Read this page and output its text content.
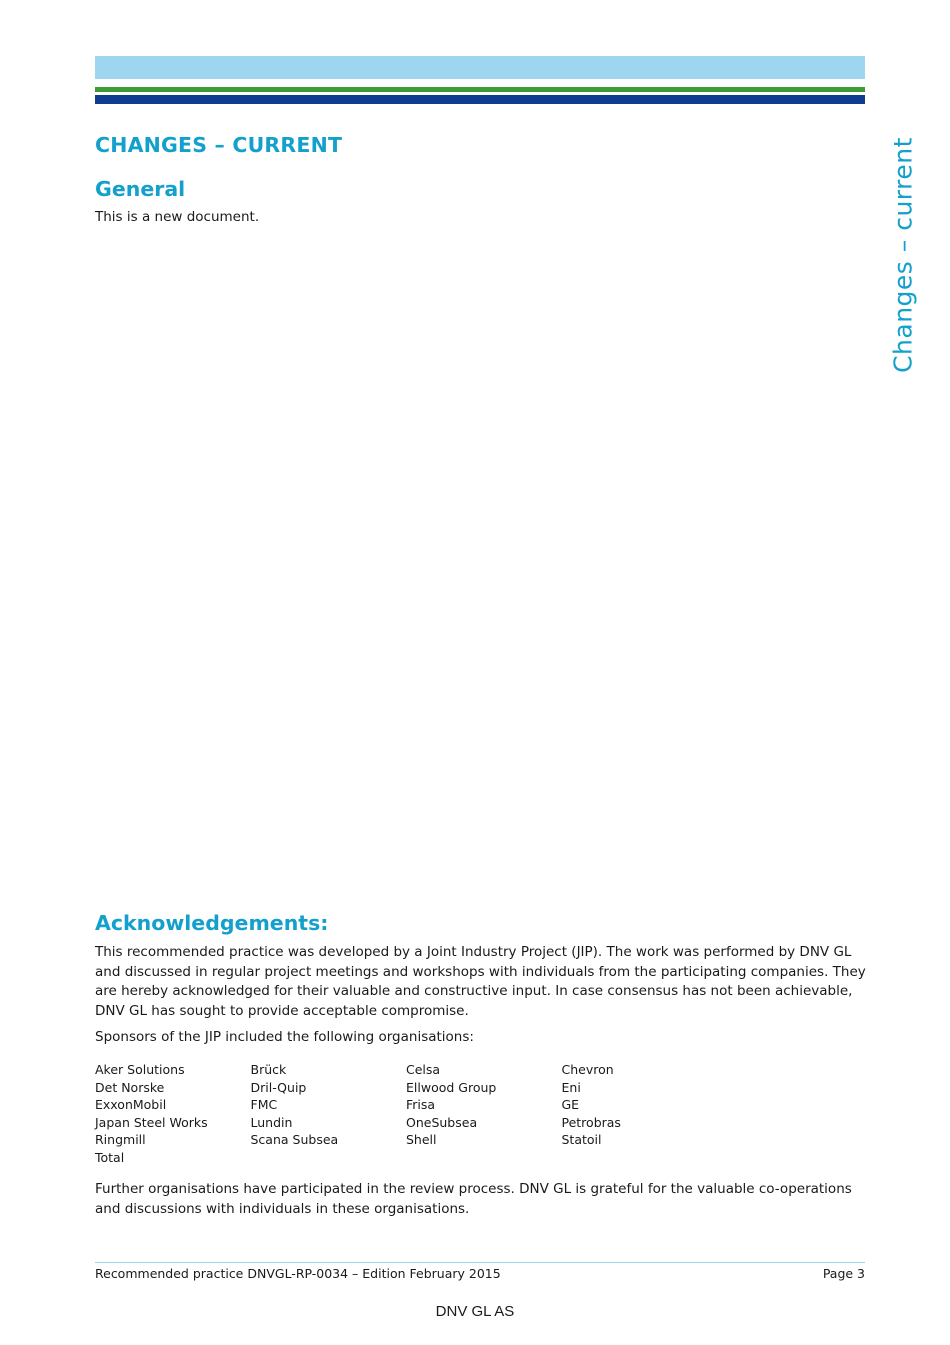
Changes – current
CHANGES – CURRENT
General

This is a new document.

Acknowledgements:

This recommended practice was developed by a Joint Industry Project (JIP). The work was performed by DNV GL and discussed in regular project meetings and workshops with individuals from the participating companies. They are hereby acknowledged for their valuable and constructive input. In case consensus has not been achievable, DNV GL has sought to provide acceptable compromise.

Sponsors of the JIP included the following organisations:

Aker Solutions	Brück	Celsa	Chevron
Det Norske	Dril-Quip	Ellwood Group	Eni
ExxonMobil	FMC	Frisa	GE
Japan Steel Works	Lundin	OneSubsea	Petrobras
Ringmill	Scana Subsea	Shell	Statoil
Total

Further organisations have participated in the review process. DNV GL is grateful for the valuable co-operations and discussions with individuals in these organisations.

Recommended practice DNVGL-RP-0034 – Edition February 2015	Page 3
DNV GL AS
